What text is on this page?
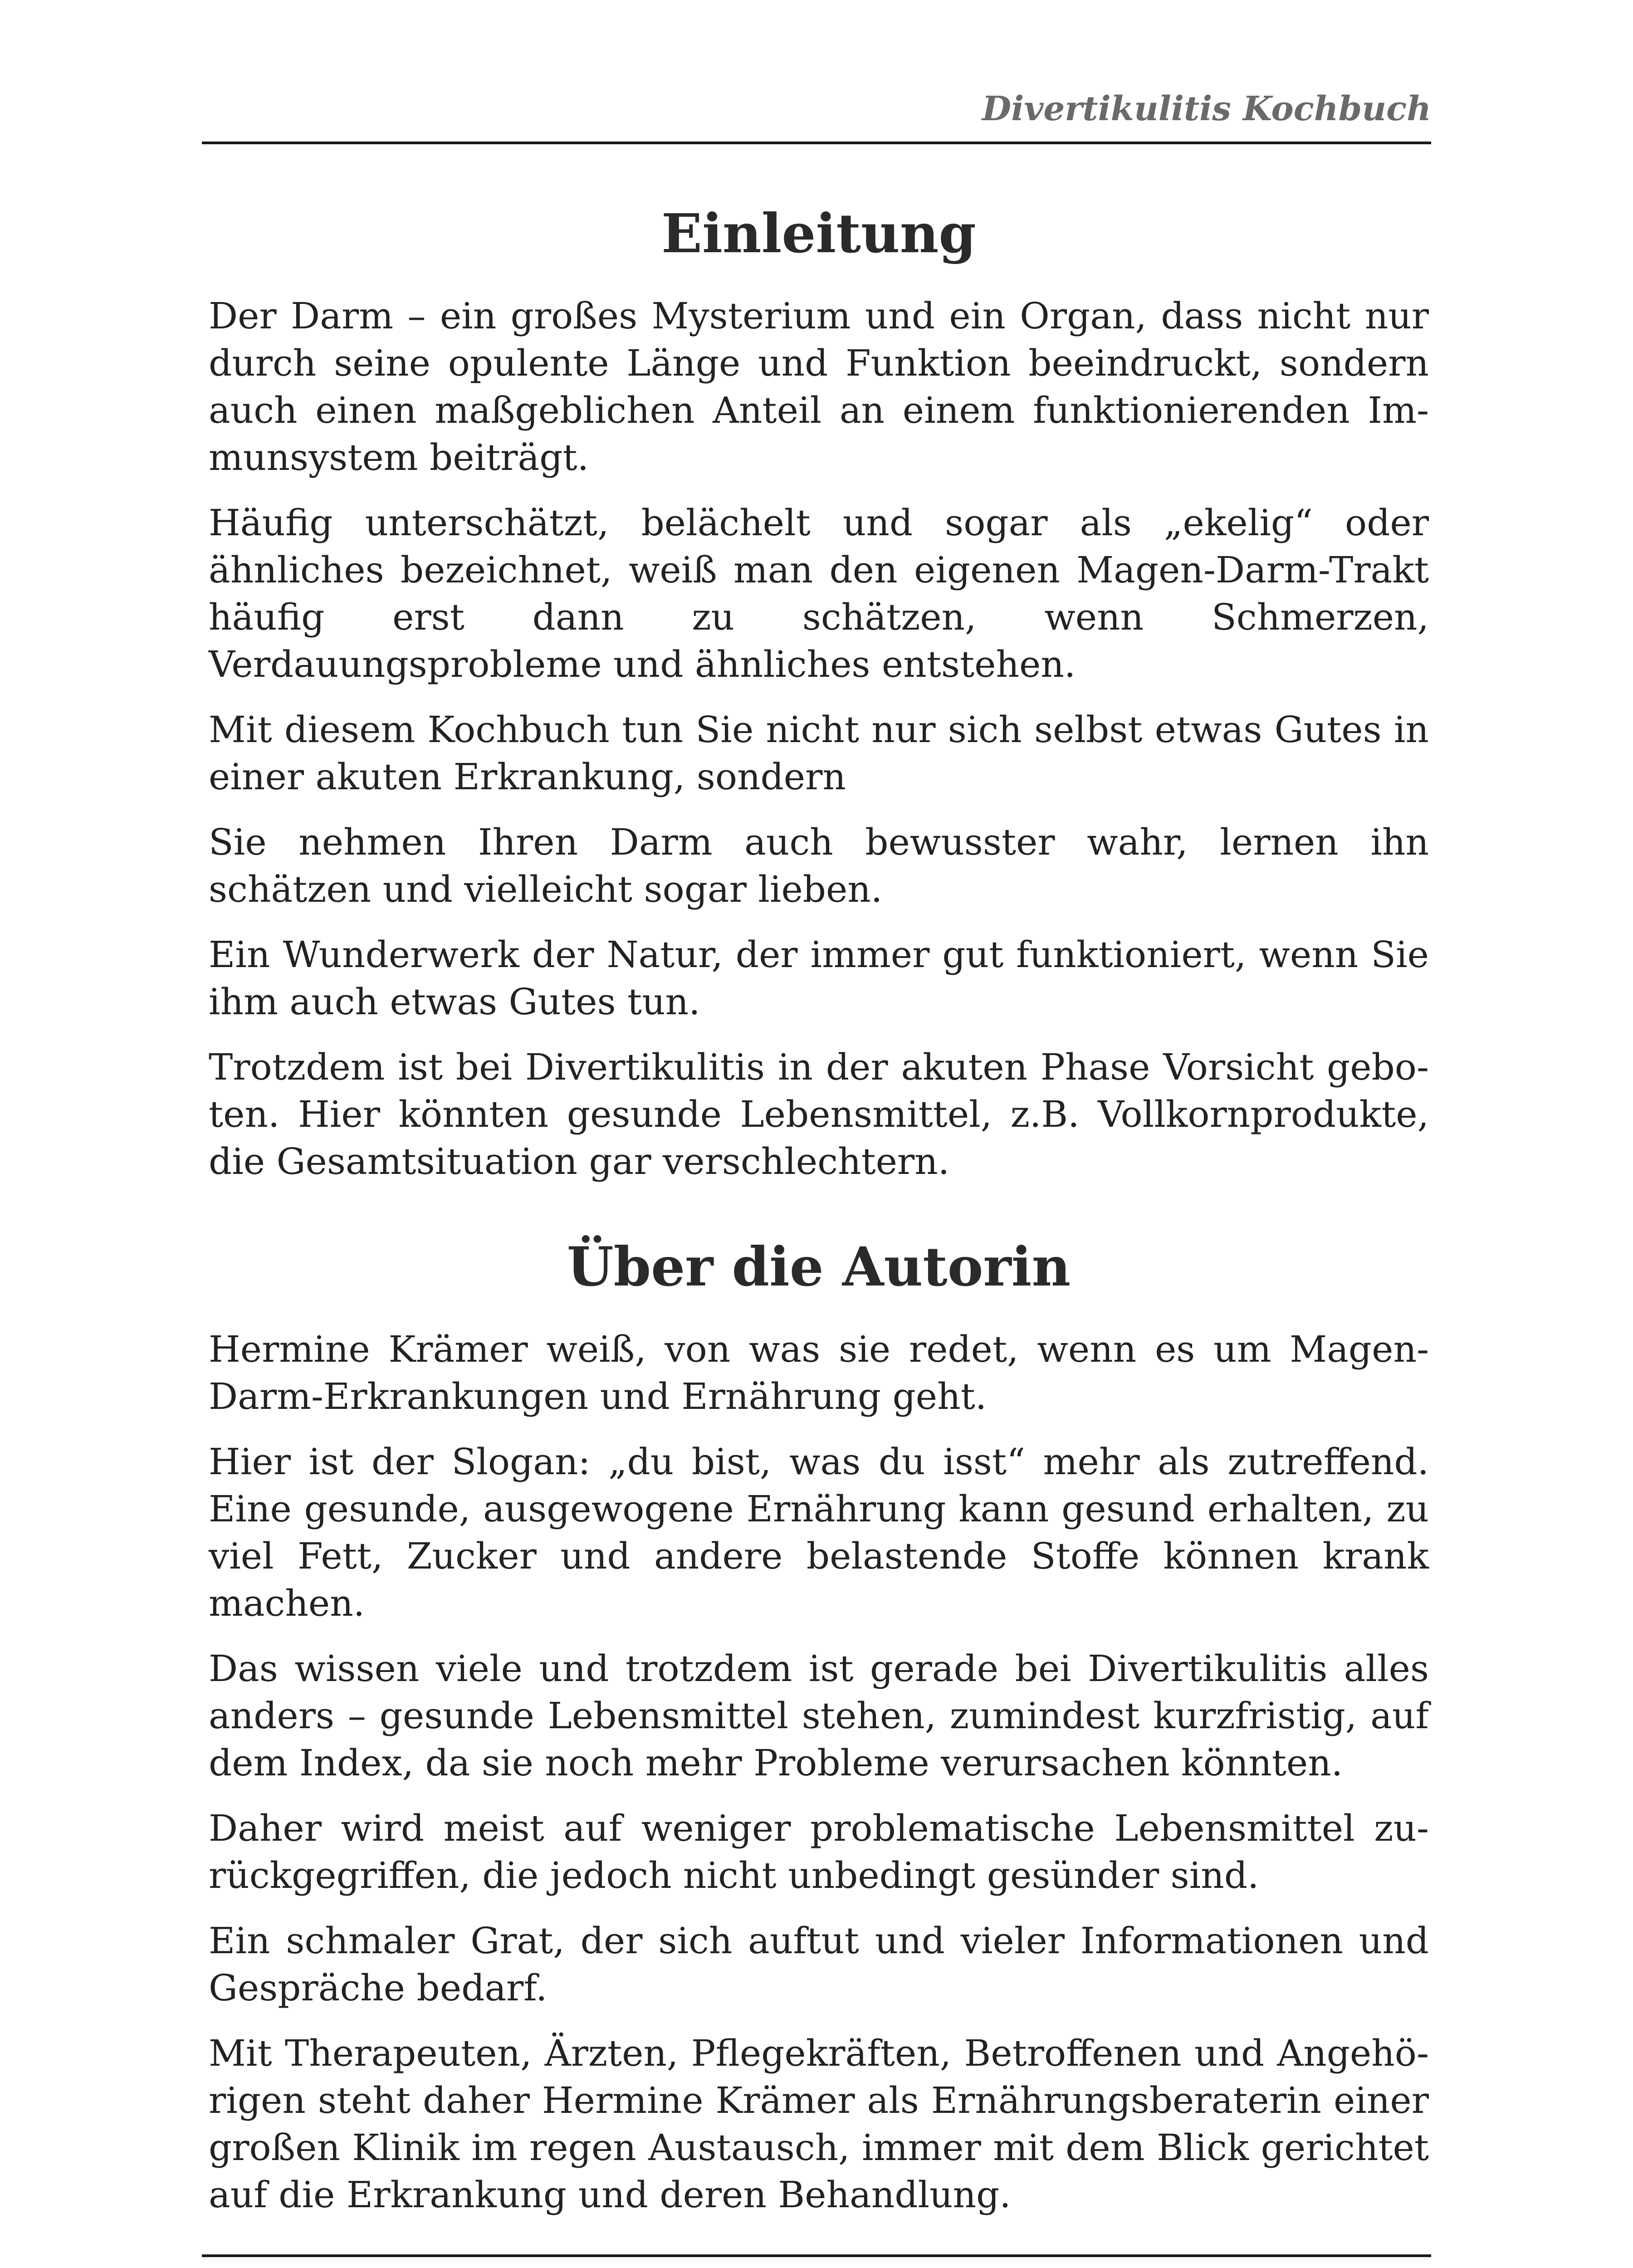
Divertikulitis Kochbuch
Einleitung

Der Darm – ein großes Mysterium und ein Organ, dass nicht nur durch seine opulente Länge und Funktion beeindruckt, sondern auch einen maßgeblichen Anteil an einem funktionierenden Immunsystem beiträgt.

Häufig unterschätzt, belächelt und sogar als „ekelig“ oder ähnliches bezeichnet, weiß man den eigenen Magen-Darm-Trakt häufig erst dann zu schätzen, wenn Schmerzen, Verdauungsprobleme und ähnliches entstehen.

Mit diesem Kochbuch tun Sie nicht nur sich selbst etwas Gutes in einer akuten Erkrankung, sondern

Sie nehmen Ihren Darm auch bewusster wahr, lernen ihn schätzen und vielleicht sogar lieben.

Ein Wunderwerk der Natur, der immer gut funktioniert, wenn Sie ihm auch etwas Gutes tun.

Trotzdem ist bei Divertikulitis in der akuten Phase Vorsicht geboten. Hier könnten gesunde Lebensmittel, z.B. Vollkornprodukte, die Gesamtsituation gar verschlechtern.

Über die Autorin

Hermine Krämer weiß, von was sie redet, wenn es um Magen-Darm-Erkrankungen und Ernährung geht.

Hier ist der Slogan: „du bist, was du isst“ mehr als zutreffend. Eine gesunde, ausgewogene Ernährung kann gesund erhalten, zu viel Fett, Zucker und andere belastende Stoffe können krank machen.

Das wissen viele und trotzdem ist gerade bei Divertikulitis alles anders – gesunde Lebensmittel stehen, zumindest kurzfristig, auf dem Index, da sie noch mehr Probleme verursachen könnten.

Daher wird meist auf weniger problematische Lebensmittel zurückgegriffen, die jedoch nicht unbedingt gesünder sind.

Ein schmaler Grat, der sich auftut und vieler Informationen und Gespräche bedarf.

Mit Therapeuten, Ärzten, Pflegekräften, Betroffenen und Angehörigen steht daher Hermine Krämer als Ernährungsberaterin einer großen Klinik im regen Austausch, immer mit dem Blick gerichtet auf die Erkrankung und deren Behandlung.
